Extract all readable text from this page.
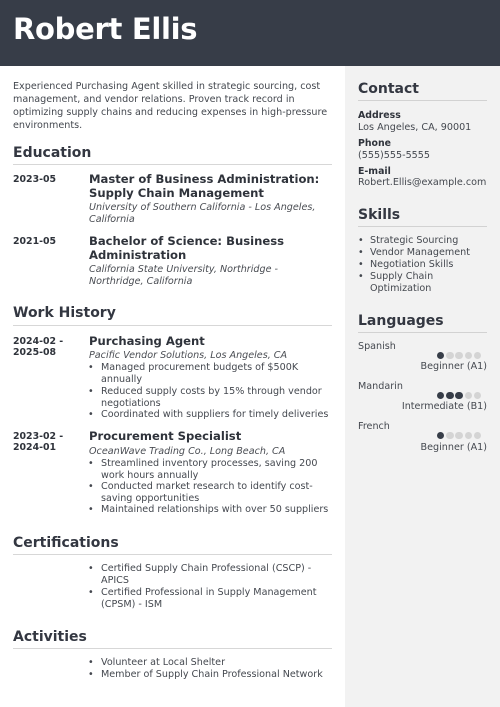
Robert Ellis
Experienced Purchasing Agent skilled in strategic sourcing, cost management, and vendor relations. Proven track record in optimizing supply chains and reducing expenses in high-pressure environments.
Education
2023-05	Master of Business Administration: Supply Chain Management
University of Southern California - Los Angeles, California
2021-05	Bachelor of Science: Business Administration
California State University, Northridge - Northridge, California
Work History
2024-02 -
2025-08
Purchasing Agent
Pacific Vendor Solutions, Los Angeles, CA
• Managed procurement budgets of $500K annually
• Reduced supply costs by 15% through vendor negotiations
• Coordinated with suppliers for timely deliveries
2023-02 -
2024-01
Procurement Specialist
OceanWave Trading Co., Long Beach, CA
• Streamlined inventory processes, saving 200 work hours annually
• Conducted market research to identify cost-saving opportunities
• Maintained relationships with over 50 suppliers
Certifications
• Certified Supply Chain Professional (CSCP) - APICS
• Certified Professional in Supply Management (CPSM) - ISM
Activities
• Volunteer at Local Shelter
• Member of Supply Chain Professional Network
Contact
Address
Los Angeles, CA, 90001
Phone
(555)555-5555
E-mail
Robert.Ellis@example.com
Skills
• Strategic Sourcing
• Vendor Management
• Negotiation Skills
• Supply Chain Optimization
Languages
Spanish
Beginner (A1)
Mandarin
Intermediate (B1)
French
Beginner (A1)
